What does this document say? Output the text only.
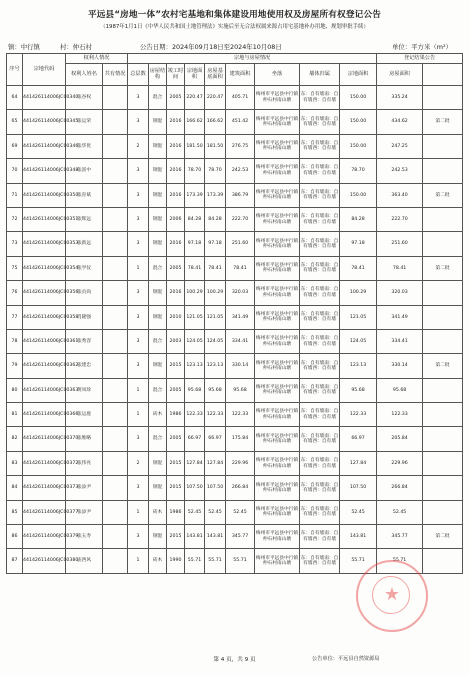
平远县“房地一体”农村宅基地和集体建设用地使用权及房屋所有权登记公告
（1987年1月1日《中华人民共和国土地管理法》实施后至无合法权属来源占用宅基地补办用地、规划审批手续）
镇：中行镇	村：仲石村	公告日期：2024年09月18日至2024年10月08日	单位：平方米（m²）
序号	宗地代码	权利人情况		宗地与房屋情况									登记结果公告	
		权利人姓名	共有情况	总层数	房屋结构	竣工时间	宗地面积	房屋基底面积	建筑面积	坐落	墙体归属	宗地面积	房屋面积		
64	441426114006JC00340	张谷权		3	混合	2005	220.47	220.47	405.71	梅州市平远县中行镇仲石村南山塘	东：自有墙南：自有墙西：自有墙	150.00	335.24		
65	441426114006JC00345	张运荣		3	钢混	2016	166.62	166.62	451.42	梅州市平远县中行镇仲石村南山塘	东：自有墙南：自有墙西：自有墙	150.00	434.62	第二批	
69	441426114006JC00346	张华优		2	钢混	2016	181.50	181.50	276.75	梅州市平远县中行镇仲石村南山塘	东：自有墙南：自有墙西：自有墙	150.00	247.25		
70	441426114006JC00348	张富中		3	钢混	2016	78.70	78.70	242.53	梅州市平远县中行镇仲石村南山塘	东：自有墙南：自有墙西：自有墙	78.70	242.53		
71	441426114006JC00350	张育斌		3	钢混	2016	173.39	173.39	386.79	梅州市平远县中行镇仲石村南山塘	东：自有墙南：自有墙西：自有墙	150.00	363.40	第二批	
72	441426114006JC00351	张辉远		3	钢混	2006	84.28	84.28	222.70	梅州市平远县中行镇仲石村南山塘	东：自有墙南：自有墙西：自有墙	84.28	222.70		
73	441426114006JC00353	张新远		3	钢混	2016	97.18	97.18	251.60	梅州市平远县中行镇仲石村南山塘	东：自有墙南：自有墙西：自有墙	97.18	251.60		
75	441426114006JC00354	张学仪		1	混合	2005	78.41	78.41	78.41	梅州市平远县中行镇仲石村南山塘	东：自有墙南：自有墙西：自有墙	78.41	78.41	第二批	
76	441426114006JC00356	张贞尚		3	钢混	2016	100.29	100.29	320.03	梅州市平远县中行镇仲石村南山塘	东：自有墙南：自有墙西：自有墙	100.29	320.03		
77	441426114006JC00358	肖隆强		3	钢混	2010	121.05	121.05	341.49	梅州市平远县中行镇仲石村南山塘	东：自有墙南：自有墙西：自有墙	121.05	341.49		
78	441426114006JC00361	张秀容		3	混合	2003	124.05	124.05	334.41	梅州市平远县中行镇仲石村南山塘	东：自有墙南：自有墙西：自有墙	124.05	334.41		
79	441426114006JC00362	张建忠		3	钢混	2015	123.13	123.13	330.14	梅州市平远县中行镇仲石村南山塘	东：自有墙南：自有墙西：自有墙	123.13	330.14	第二批	
80	441426114006JC00363	黄凤珍		1	混合	2005	95.68	95.68	95.68	梅州市平远县中行镇仲石村南山塘	东：自有墙南：自有墙西：自有墙	95.68	95.68		
81	441426114006JC00366	张运庭		1	砖木	1986	122.33	122.33	122.33	梅州市平远县中行镇仲石村南山塘	东：自有墙南：自有墙西：自有墙	122.33	122.33		
82	441426114006JC00370	张堆略		3	混合	2005	66.97	66.97	175.84	梅州市平远县中行镇仲石村南山塘	东：自有墙南：自有墙西：自有墙	66.97	205.84		
83	441426114006JC00372	张伟亮		2	钢混	2015	127.84	127.84	229.96	梅州市平远县中行镇仲石村南山塘	东：自有墙南：自有墙西：自有墙	127.84	229.96		
84	441426114006JC00373	张添尹		3	钢混	2015	107.50	107.50	266.84	梅州市平远县中行镇仲石村南山塘	东：自有墙南：自有墙西：自有墙	107.50	266.84		
85	441426114006JC00377	张添尹		1	砖木	1986	52.45	52.45	52.45	梅州市平远县中行镇仲石村南山塘	东：自有墙南：自有墙西：自有墙	52.45	52.45		
86	441426114006JC00379	张五寿		3	钢混	2015	143.81	143.81	345.77	梅州市平远县中行镇仲石村南山塘	东：自有墙南：自有墙西：自有墙	143.81	345.77	第二批	
87	441426114006JC00380	庙西风		1	砖木	1990	55.71	55.71	55.71	梅州市平远县中行镇仲石村南山塘	东：自有墙南：自有墙西：自有墙	55.71	55.71		
★
第 4 页，共 9 页	公告单位：平远县自然资源局
